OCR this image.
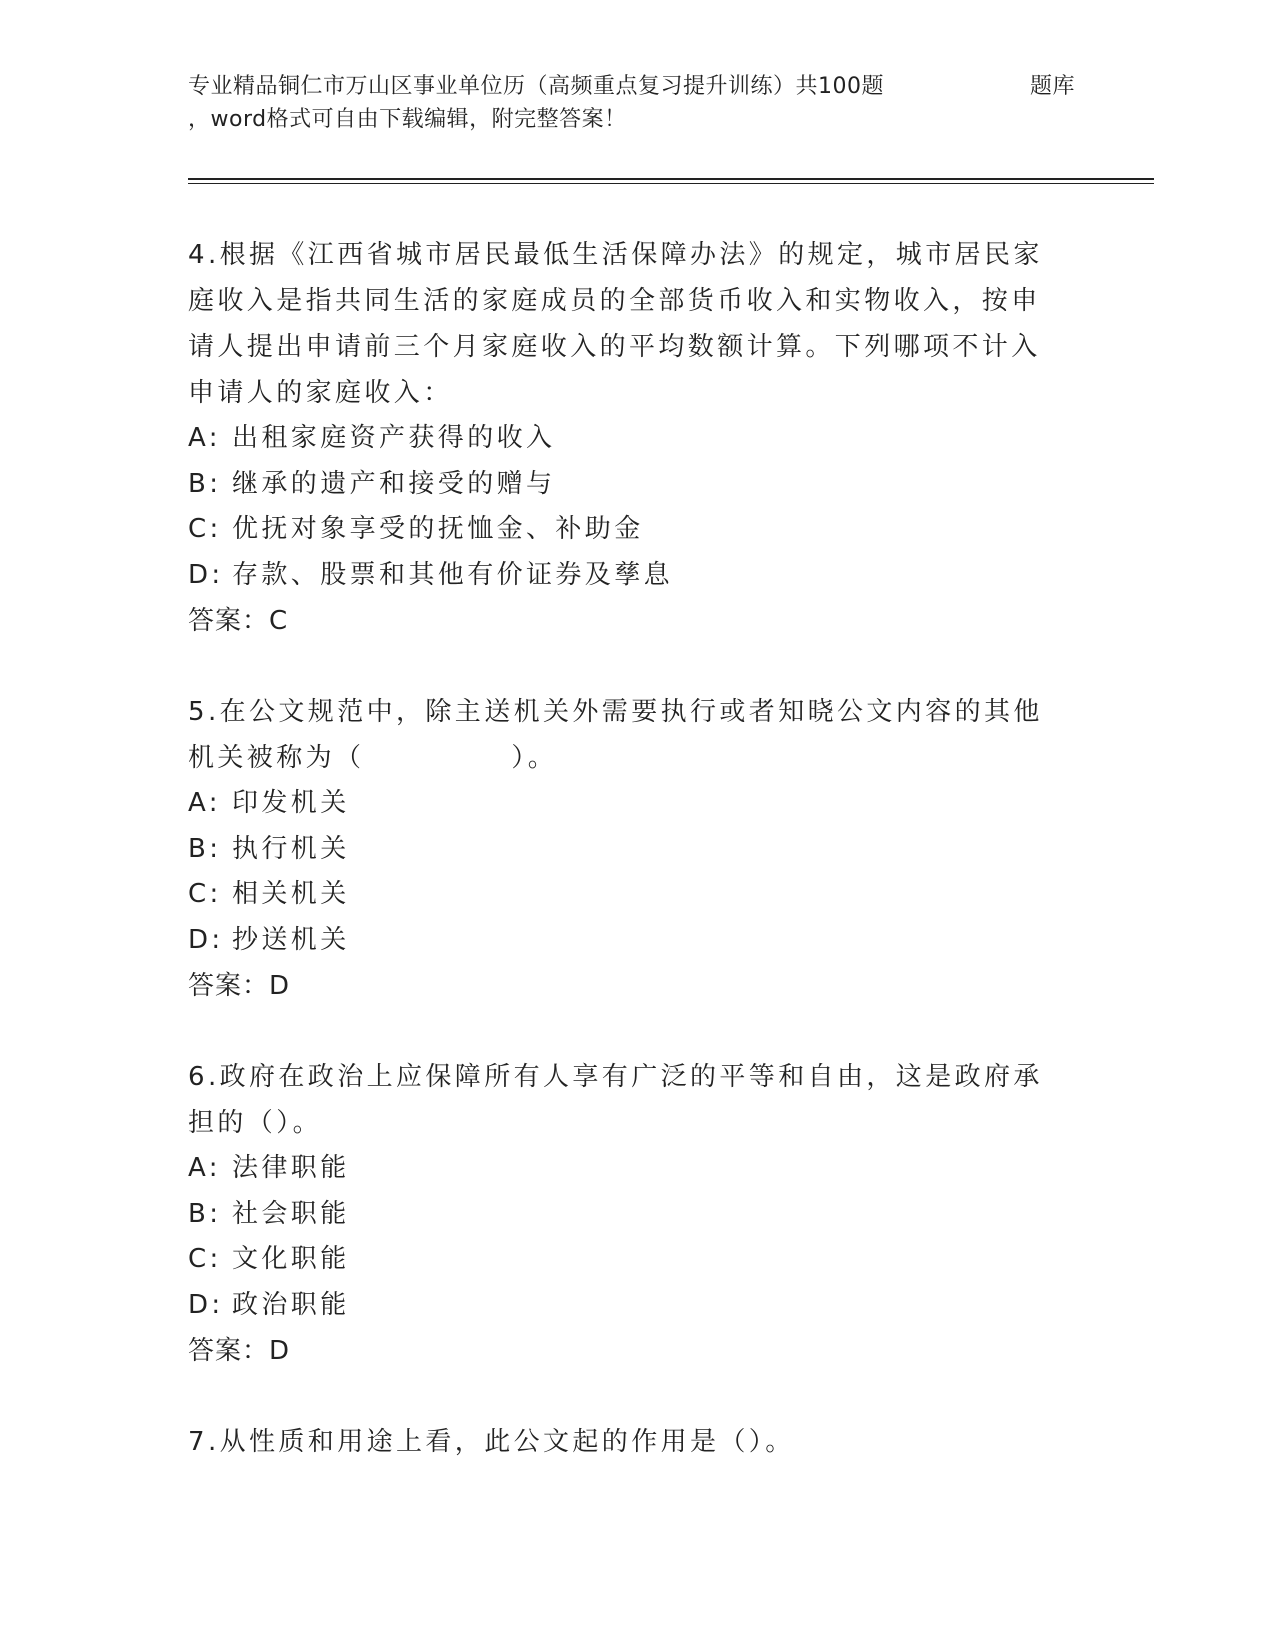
专业精品铜仁市万山区事业单位历（高频重点复习提升训练）共100题	题库
，word格式可自由下载编辑，附完整答案！
4.根据《江西省城市居民最低生活保障办法》的规定，城市居民家庭收入是指共同生活的家庭成员的全部货币收入和实物收入，按申请人提出申请前三个月家庭收入的平均数额计算。下列哪项不计入申请人的家庭收入：
A: 出租家庭资产获得的收入
B: 继承的遗产和接受的赠与
C: 优抚对象享受的抚恤金、补助金
D: 存款、股票和其他有价证券及孳息
答案：C
5.在公文规范中，除主送机关外需要执行或者知晓公文内容的其他机关被称为（　　　　　）。
A: 印发机关
B: 执行机关
C: 相关机关
D: 抄送机关
答案：D
6.政府在政治上应保障所有人享有广泛的平等和自由，这是政府承担的（）。
A: 法律职能
B: 社会职能
C: 文化职能
D: 政治职能
答案：D
7.从性质和用途上看，此公文起的作用是（）。
